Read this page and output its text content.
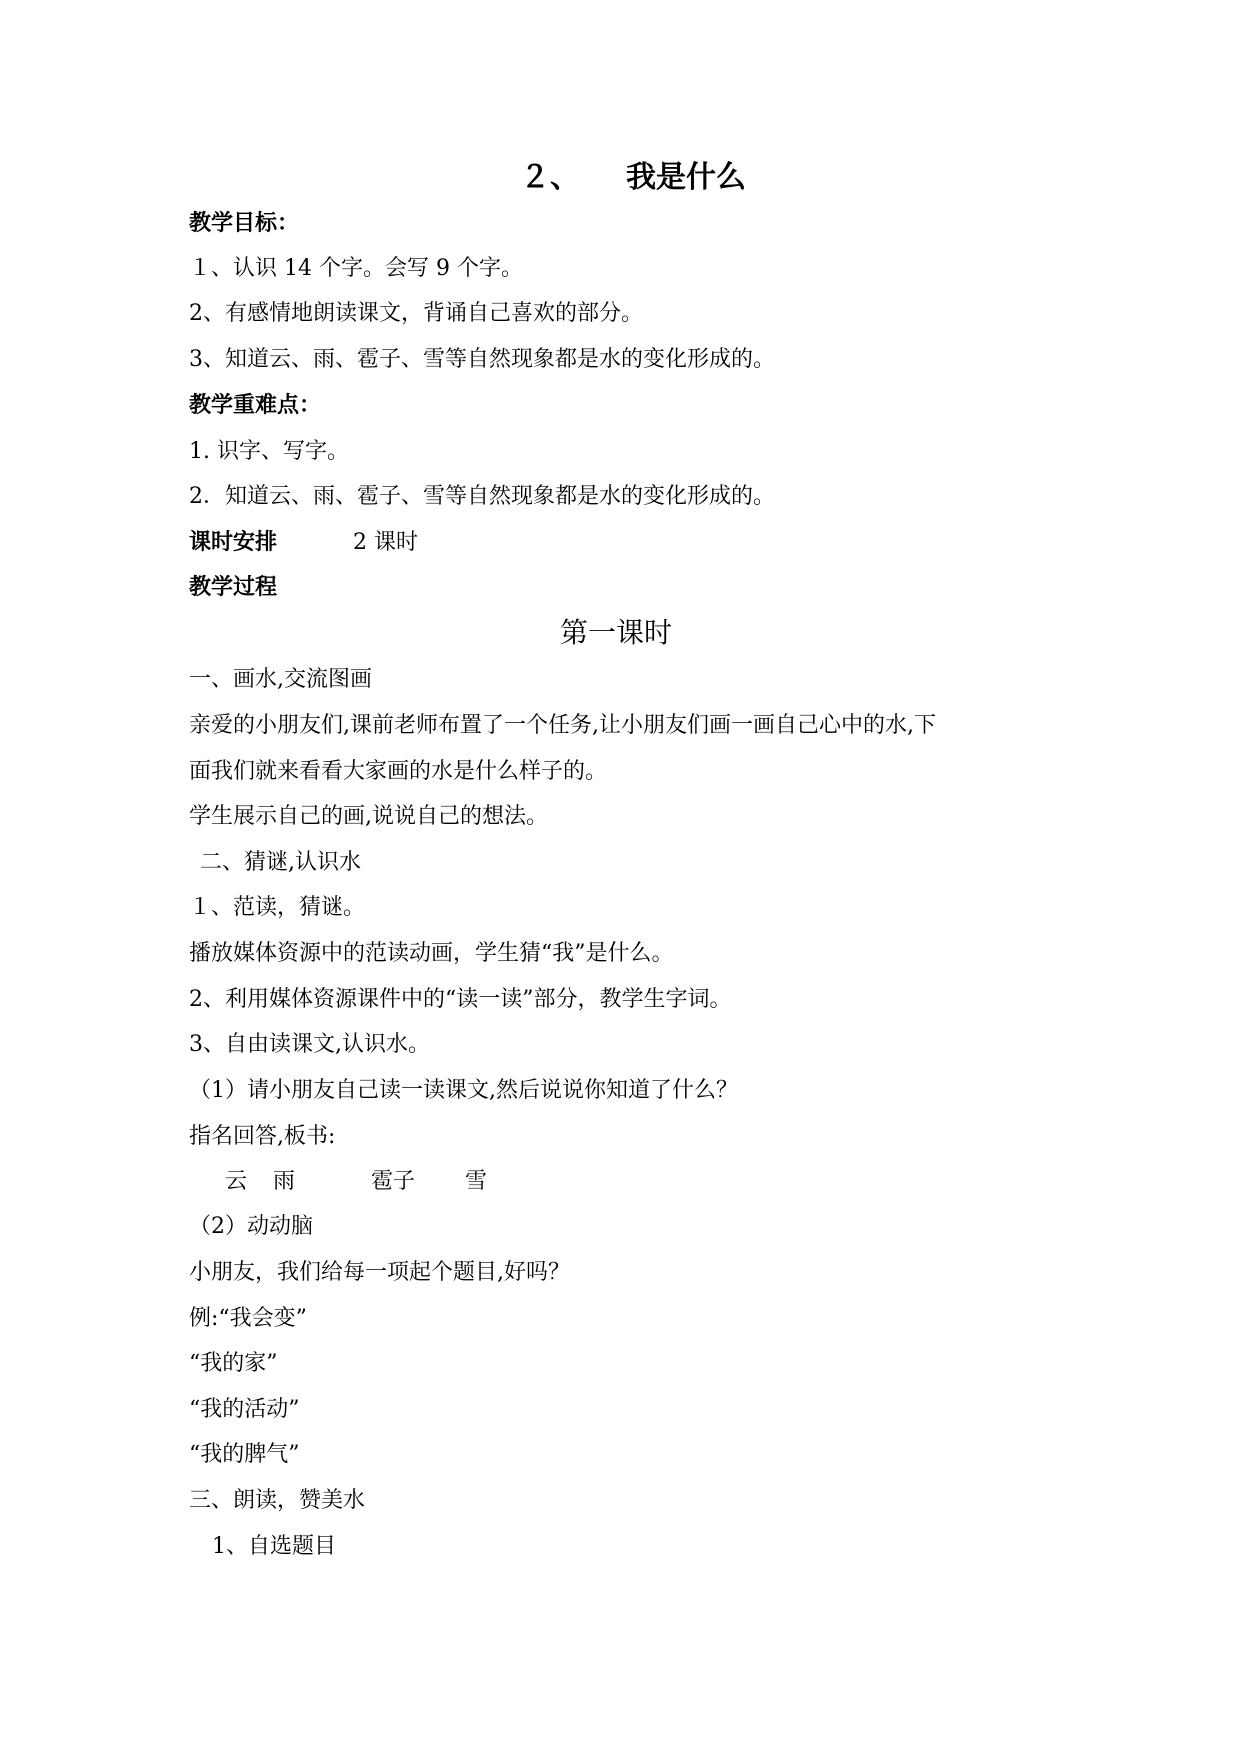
２、 我是什么
教学目标：
１、认识 14 个字。会写 9 个字。
2、有感情地朗读课文，背诵自己喜欢的部分。
3、知道云、雨、雹子、雪等自然现象都是水的变化形成的。
教学重难点：
1. 识字、写字。
2．知道云、雨、雹子、雪等自然现象都是水的变化形成的。
课时安排	2 课时
教学过程
第一课时
一、画水,交流图画
亲爱的小朋友们,课前老师布置了一个任务,让小朋友们画一画自己心中的水,下
面我们就来看看大家画的水是什么样子的。
学生展示自己的画,说说自己的想法。
二、猜谜,认识水
１、范读，猜谜。
播放媒体资源中的范读动画，学生猜“我”是什么。
2、利用媒体资源课件中的“读一读”部分，教学生字词。
3、自由读课文,认识水。
（1）请小朋友自己读一读课文,然后说说你知道了什么？
指名回答,板书:
云 雨	雹子 雪
（2）动动脑
小朋友，我们给每一项起个题目,好吗？
例:“我会变”
“我的家”
“我的活动”
“我的脾气”
三、朗读，赞美水
1、自选题目
